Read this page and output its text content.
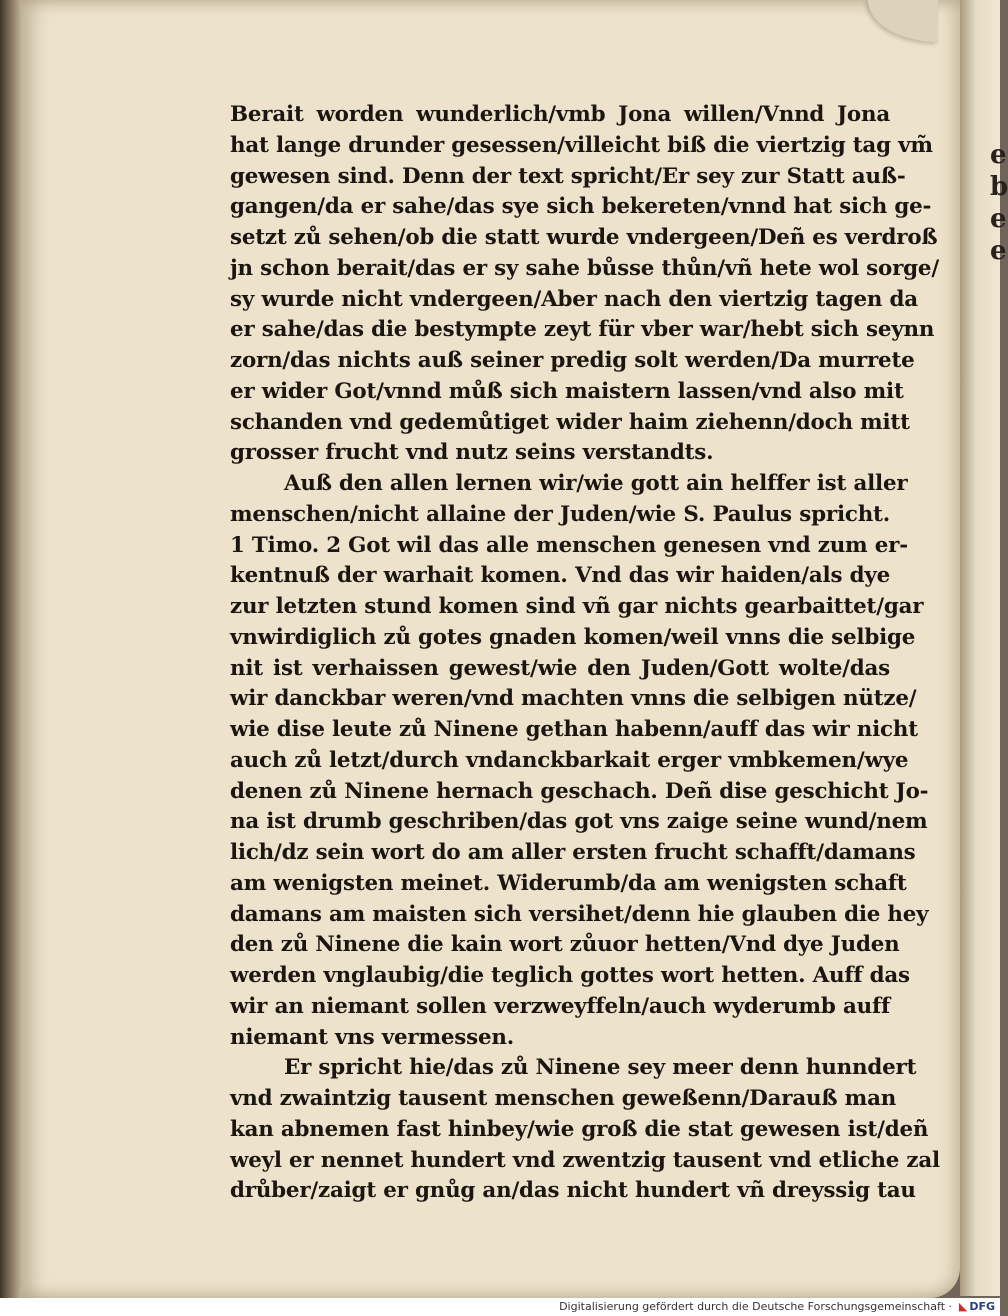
e
b
e
e
Berait worden wunderlich/vmb Jona willen/Vnnd Jona
hat lange drunder gesessen/villeicht biß die viertzig tag vm̃
gewesen sind. Denn der text spricht/Er sey zur Statt auß-
gangen/da er sahe/das sye sich bekereten/vnnd hat sich ge-
setzt zů sehen/ob die statt wurde vndergeen/Deñ es verdroß
jn schon berait/das er sy sahe bůsse thůn/vñ hete wol sorge/
sy wurde nicht vndergeen/Aber nach den viertzig tagen da
er sahe/das die bestympte zeyt für vber war/hebt sich seynn
zorn/das nichts auß seiner predig solt werden/Da murrete
er wider Got/vnnd můß sich maistern lassen/vnd also mit
schanden vnd gedemůtiget wider haim ziehenn/doch mitt
grosser frucht vnd nutz seins verstandts.
Auß den allen lernen wir/wie gott ain helffer ist aller
menschen/nicht allaine der Juden/wie S. Paulus spricht.
1 Timo. 2 Got wil das alle menschen genesen vnd zum er-
kentnuß der warhait komen. Vnd das wir haiden/als dye
zur letzten stund komen sind vñ gar nichts gearbaittet/gar
vnwirdiglich zů gotes gnaden komen/weil vnns die selbige
nit ist verhaissen gewest/wie den Juden/Gott wolte/das
wir danckbar weren/vnd machten vnns die selbigen nütze/
wie dise leute zů Ninene gethan habenn/auff das wir nicht
auch zů letzt/durch vndanckbarkait erger vmbkemen/wye
denen zů Ninene hernach geschach. Deñ dise geschicht Jo-
na ist drumb geschriben/das got vns zaige seine wund/nem
lich/dz sein wort do am aller ersten frucht schafft/damans
am wenigsten meinet. Widerumb/da am wenigsten schaft
damans am maisten sich versihet/denn hie glauben die hey
den zů Ninene die kain wort zůuor hetten/Vnd dye Juden
werden vnglaubig/die teglich gottes wort hetten. Auff das
wir an niemant sollen verzweyffeln/auch wyderumb auff
niemant vns vermessen.
Er spricht hie/das zů Ninene sey meer denn hunndert
vnd zwaintzig tausent menschen geweßenn/Darauß man
kan abnemen fast hinbey/wie groß die stat gewesen ist/deñ
weyl er nennet hundert vnd zwentzig tausent vnd etliche zal
drůber/zaigt er gnůg an/das nicht hundert vñ dreyssig tau
Digitalisierung gefördert durch die Deutsche Forschungsgemeinschaft · ◣ DFG
